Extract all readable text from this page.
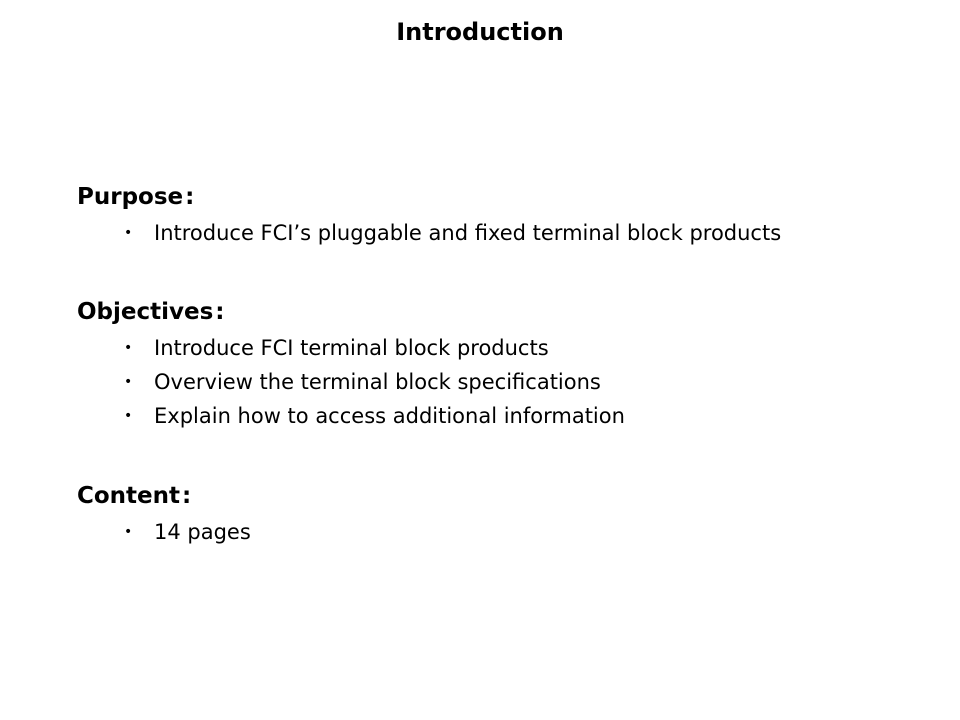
Introduction
Purpose:
• Introduce FCI’s pluggable and fixed terminal block products
Objectives:
• Introduce FCI terminal block products
• Overview the terminal block specifications
• Explain how to access additional information
Content:
• 14 pages
